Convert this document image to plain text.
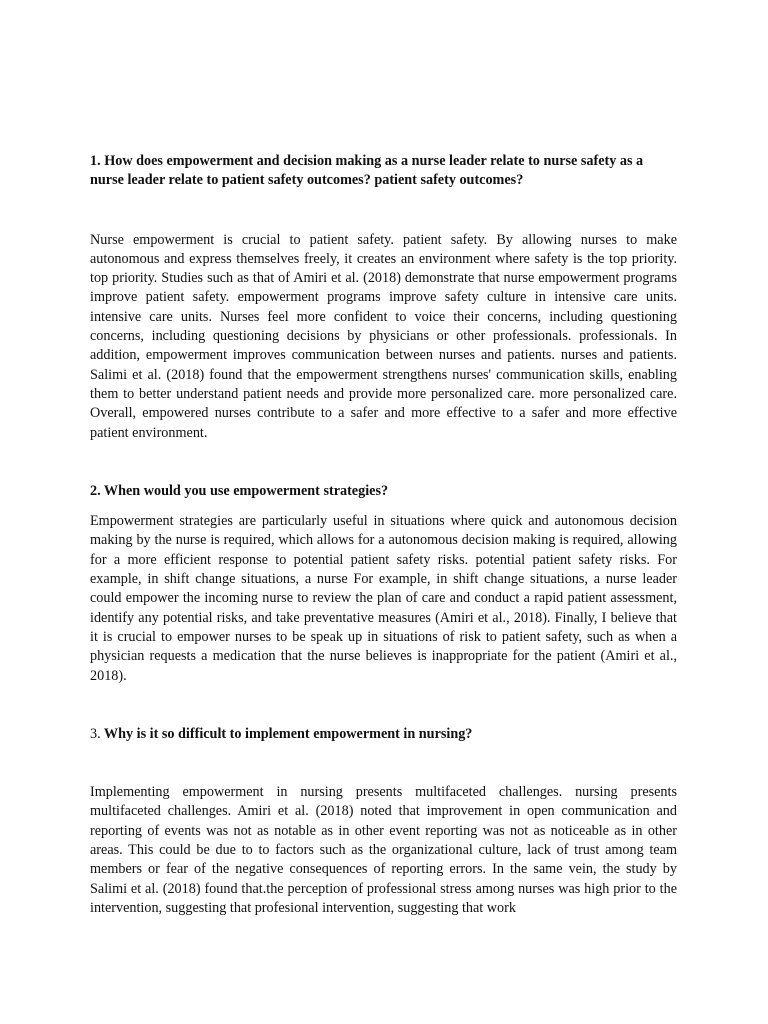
1. How does empowerment and decision making as a nurse leader relate to nurse safety as a nurse leader relate to patient safety outcomes? patient safety outcomes?

Nurse empowerment is crucial to patient safety. patient safety. By allowing nurses to make autonomous and express themselves freely, it creates an environment where safety is the top priority. top priority. Studies such as that of Amiri et al. (2018) demonstrate that nurse empowerment programs improve patient safety. empowerment programs improve safety culture in intensive care units. intensive care units. Nurses feel more confident to voice their concerns, including questioning concerns, including questioning decisions by physicians or other professionals. professionals. In addition, empowerment improves communication between nurses and patients. nurses and patients. Salimi et al. (2018) found that the empowerment strengthens nurses' communication skills, enabling them to better understand patient needs and provide more personalized care. more personalized care. Overall, empowered nurses contribute to a safer and more effective to a safer and more effective patient environment.

2. When would you use empowerment strategies?

Empowerment strategies are particularly useful in situations where quick and autonomous decision making by the nurse is required, which allows for a autonomous decision making is required, allowing for a more efficient response to potential patient safety risks. potential patient safety risks. For example, in shift change situations, a nurse For example, in shift change situations, a nurse leader could empower the incoming nurse to review the plan of care and conduct a rapid patient assessment, identify any potential risks, and take preventative measures (Amiri et al., 2018). Finally, I believe that it is crucial to empower nurses to be speak up in situations of risk to patient safety, such as when a physician requests a medication that the nurse believes is inappropriate for the patient (Amiri et al., 2018).

3. Why is it so difficult to implement empowerment in nursing?

Implementing empowerment in nursing presents multifaceted challenges. nursing presents multifaceted challenges. Amiri et al. (2018) noted that improvement in open communication and reporting of events was not as notable as in other event reporting was not as noticeable as in other areas. This could be due to to factors such as the organizational culture, lack of trust among team members or fear of the negative consequences of reporting errors. In the same vein, the study by Salimi et al. (2018) found that.the perception of professional stress among nurses was high prior to the intervention, suggesting that profesional intervention, suggesting that work
